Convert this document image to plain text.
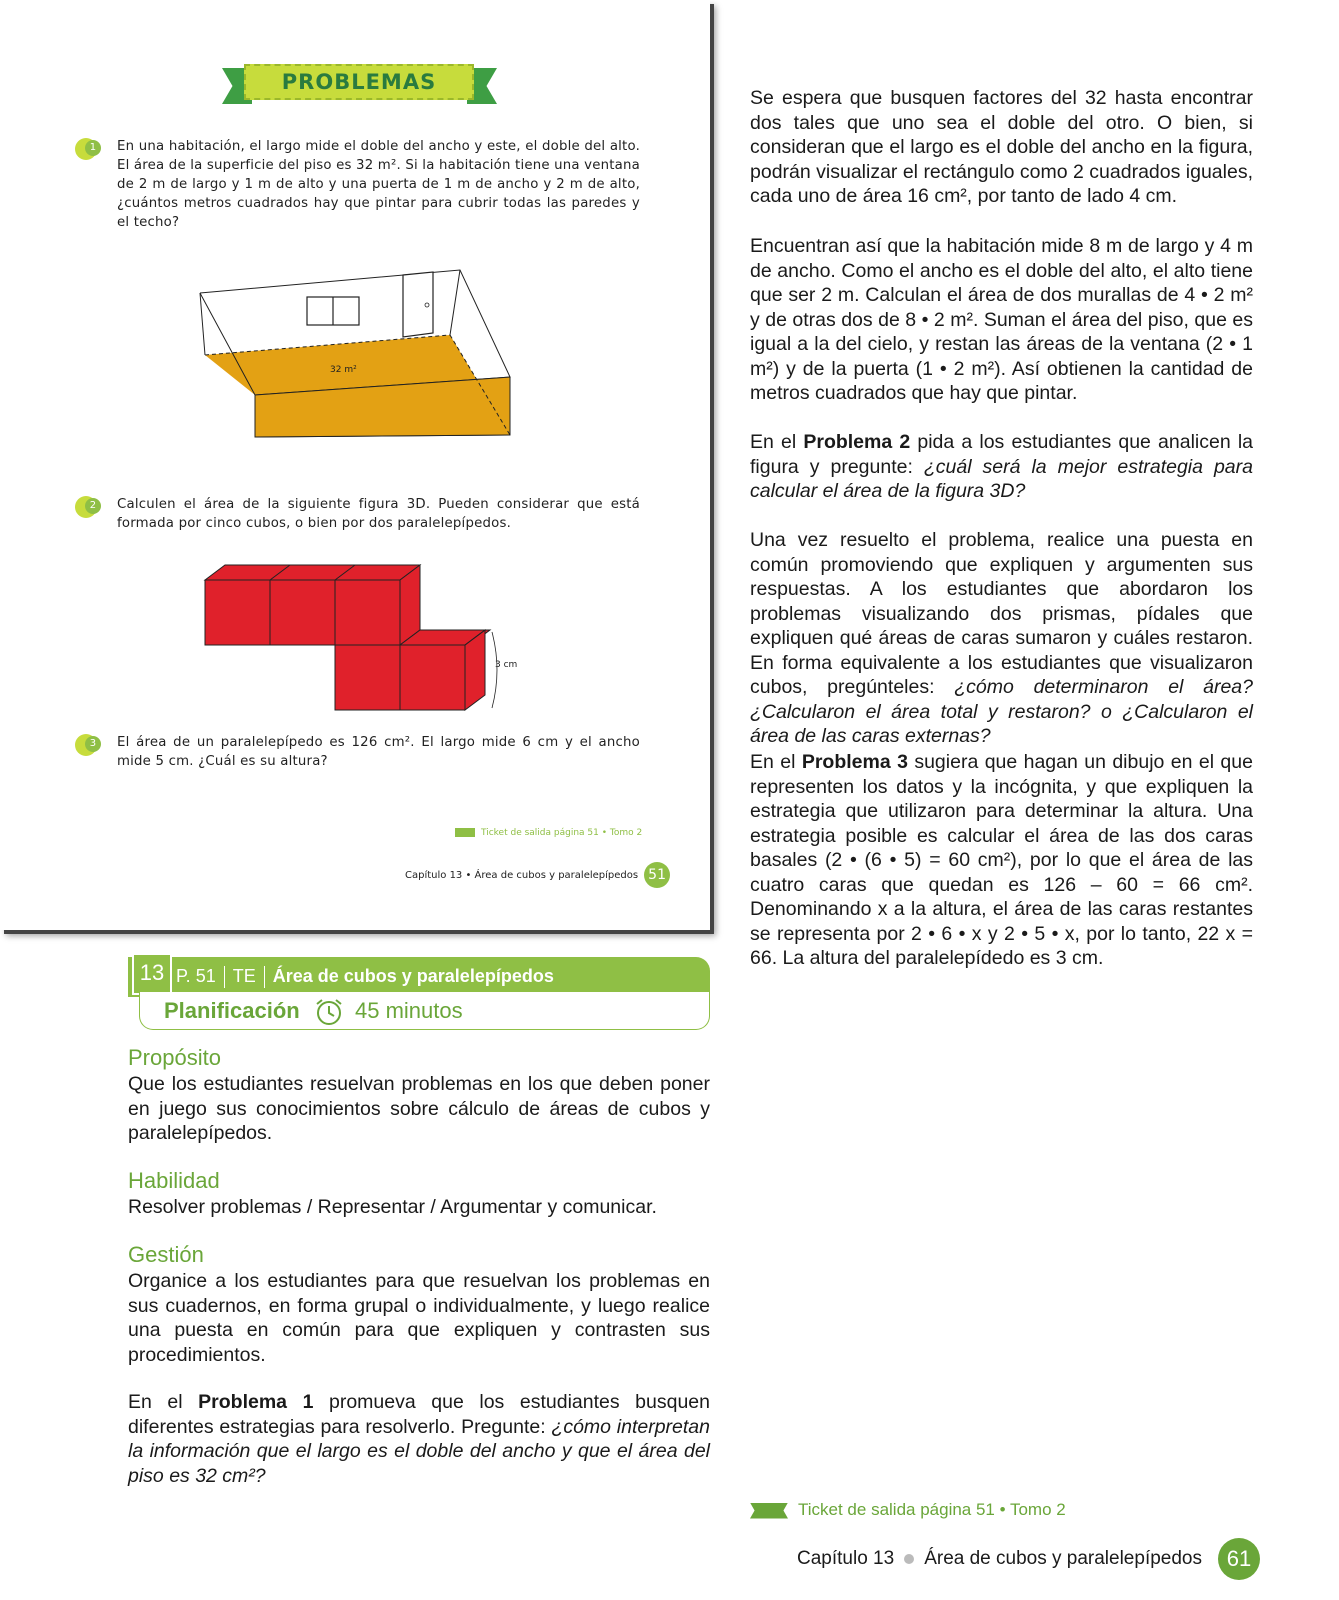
PROBLEMAS
1	En una habitación, el largo mide el doble del ancho y este, el doble del alto. El área de la superficie del piso es 32 m². Si la habitación tiene una ventana de 2 m de largo y 1 m de alto y una puerta de 1 m de ancho y 2 m de alto, ¿cuántos metros cuadrados hay que pintar para cubrir todas las paredes y el techo?
32 m²
2	Calculen el área de la siguiente figura 3D. Pueden considerar que está formada por cinco cubos, o bien por dos paralelepípedos.
3 cm
3	El área de un paralelepípedo es 126 cm². El largo mide 6 cm y el ancho mide 5 cm. ¿Cuál es su altura?
Ticket de salida página 51 • Tomo 2
Capítulo 13 • Área de cubos y paralelepípedos 51
13 P. 51 TE Área de cubos y paralelepípedos
Planificación	45 minutos
Propósito
Que los estudiantes resuelvan problemas en los que deben poner en juego sus conocimientos sobre cálculo de áreas de cubos y paralelepípedos.
Habilidad
Resolver problemas / Representar / Argumentar y comunicar.
Gestión
Organice a los estudiantes para que resuelvan los problemas en sus cuadernos, en forma grupal o individualmente, y luego realice una puesta en común para que expliquen y contrasten sus procedimientos.
En el Problema 1 promueva que los estudiantes busquen diferentes estrategias para resolverlo. Pregunte: ¿cómo interpretan la información que el largo es el doble del ancho y que el área del piso es 32 cm²?
Se espera que busquen factores del 32 hasta encontrar dos tales que uno sea el doble del otro. O bien, si consideran que el largo es el doble del ancho en la figura, podrán visualizar el rectángulo como 2 cuadrados iguales, cada uno de área 16 cm², por tanto de lado 4 cm.
Encuentran así que la habitación mide 8 m de largo y 4 m de ancho. Como el ancho es el doble del alto, el alto tiene que ser 2 m. Calculan el área de dos murallas de 4 • 2 m² y de otras dos de 8 • 2 m². Suman el área del piso, que es igual a la del cielo, y restan las áreas de la ventana (2 • 1 m²) y de la puerta (1 • 2 m²). Así obtienen la cantidad de metros cuadrados que hay que pintar.
En el Problema 2 pida a los estudiantes que analicen la figura y pregunte: ¿cuál será la mejor estrategia para calcular el área de la figura 3D?
Una vez resuelto el problema, realice una puesta en común promoviendo que expliquen y argumenten sus respuestas. A los estudiantes que abordaron los problemas visualizando dos prismas, pídales que expliquen qué áreas de caras sumaron y cuáles restaron. En forma equivalente a los estudiantes que visualizaron cubos, pregúnteles: ¿cómo determinaron el área? ¿Calcularon el área total y restaron? o ¿Calcularon el área de las caras externas?
En el Problema 3 sugiera que hagan un dibujo en el que representen los datos y la incógnita, y que expliquen la estrategia que utilizaron para determinar la altura. Una estrategia posible es calcular el área de las dos caras basales (2 • (6 • 5) = 60 cm²), por lo que el área de las cuatro caras que quedan es 126 – 60 = 66 cm². Denominando x a la altura, el área de las caras restantes se representa por 2 • 6 • x y 2 • 5 • x, por lo tanto, 22 x = 66. La altura del paralelepídedo es 3 cm.
Ticket de salida página 51 • Tomo 2
Capítulo 13 Área de cubos y paralelepípedos 61
